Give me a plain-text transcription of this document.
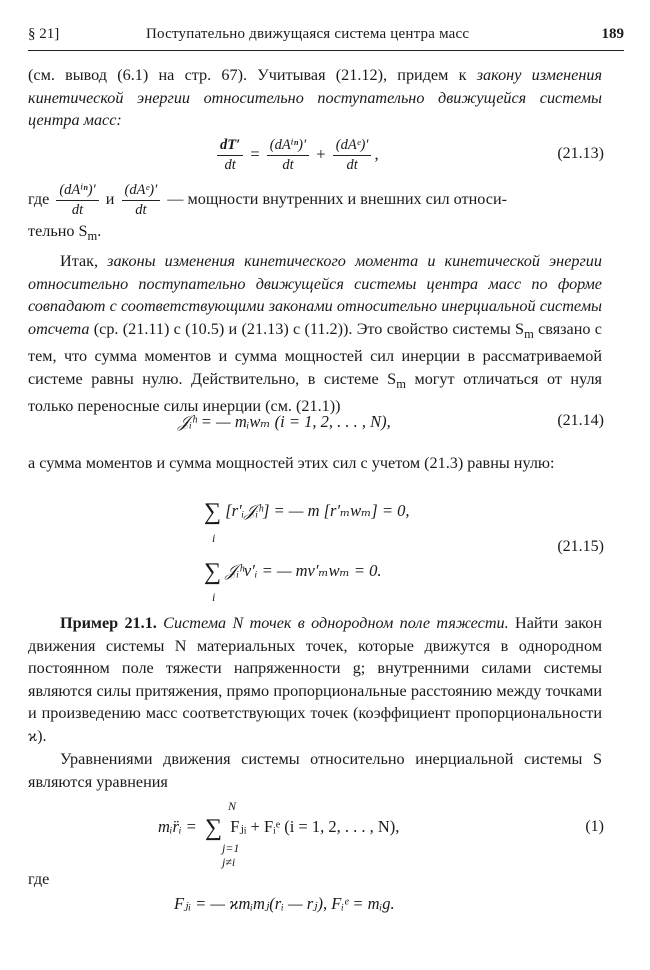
§ 21]	Поступательно движущаяся система центра масс	189
(см. вывод (6.1) на стр. 67). Учитывая (21.12), придем к закону изменения кинетической энергии относительно поступательно движущейся системы центра масс:
$\frac{dT'}{dt} = \frac{\text{(dAⁱⁿ)′}}{dt} + \frac{\text{(dAᵉ)′}}{dt}$ ,	(21.13)
где $\frac{\text{(dAⁱⁿ)′}}{dt}$ и $\frac{\text{(dAᵉ)′}}{dt}$ — мощности внутренних и внешних сил относи-
тельно $S_m$.
Итак, законы изменения кинетического момента и кинетической энергии относительно поступательно движущейся системы центра масс по форме совпадают с соответствующими законами относительно инерциальной системы отсчета (ср. (21.11) с (10.5) и (21.13) с (11.2)). Это свойство системы $S_m$ связано с тем, что сумма моментов и сумма мощностей сил инерции в рассматриваемой системе равны нулю. Действительно, в системе $S_m$ могут отличаться от нуля только переносные силы инерции (см. (21.1))
𝒥ᵢʰ = — mᵢwₘ (i = 1, 2, . . . , N),	(21.14)
а сумма моментов и сумма мощностей этих сил с учетом (21.3) равны нулю:
∑ [r′ᵢ𝒥ᵢʰ] = — m [r′ₘwₘ] = 0,
i
∑ 𝒥ᵢʰv′ᵢ = — mv′ₘwₘ = 0.
i
(21.15)
Пример 21.1. Система N точек в однородном поле тяжести. Найти закон движения системы N материальных точек, которые движутся в однородном постоянном поле тяжести напряженности g; внутренними силами системы являются силы притяжения, прямо пропорциональные расстоянию между точками и произведению масс соответствующих точек (коэффициент пропорциональности ϰ).
Уравнениями движения системы относительно инерциальной системы S являются уравнения
mᵢr̈ᵢ = ∑ Fⱼᵢ + Fᵢᵉ (i = 1, 2, . . . , N),
N
j=1
j≠i
(1)
где
Fⱼᵢ = — ϰmᵢmⱼ(rᵢ — rⱼ), Fᵢᵉ = mᵢg.
